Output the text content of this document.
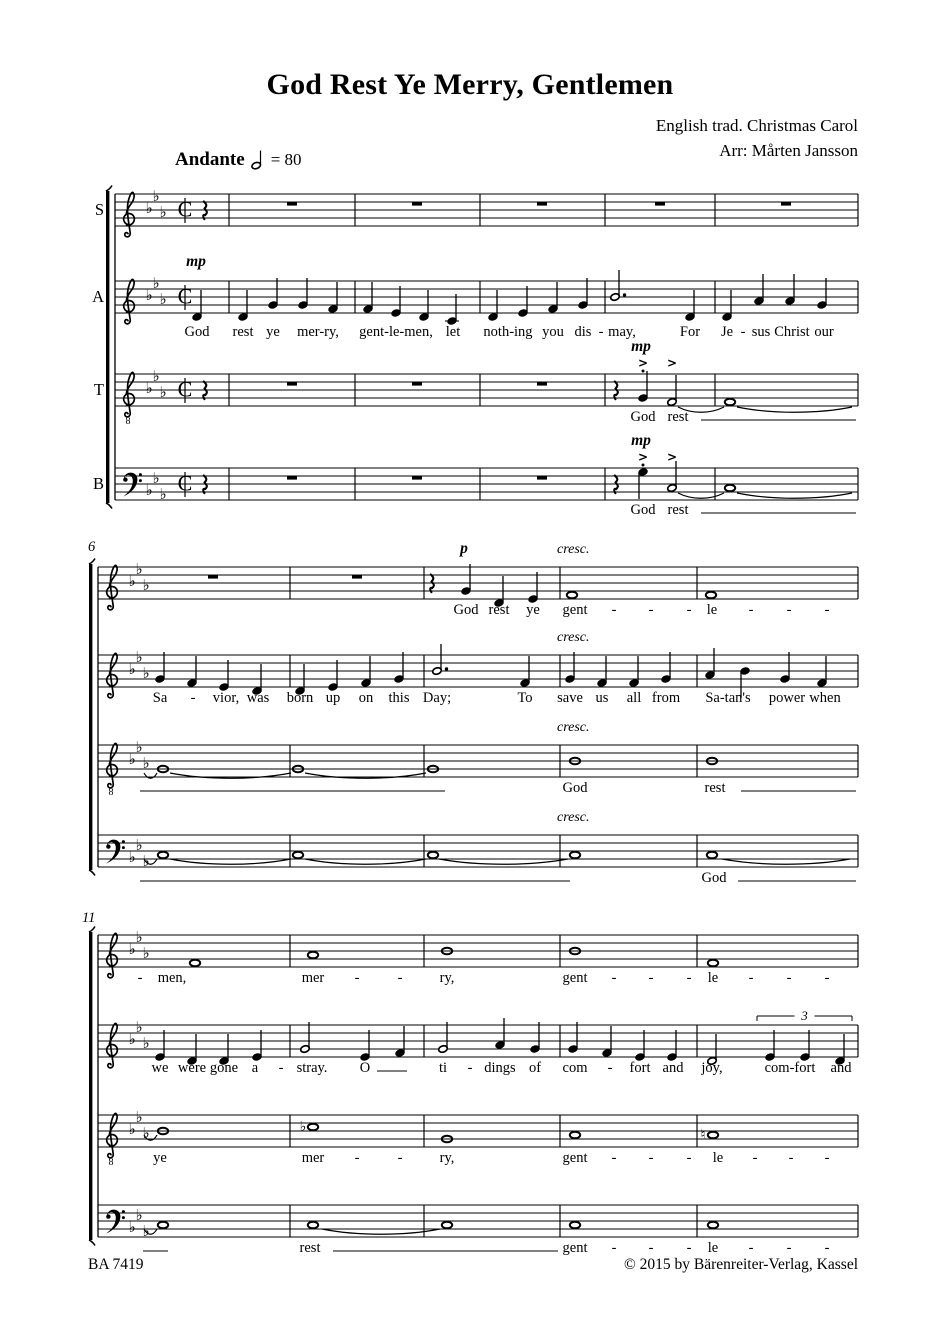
S	♭
♭
♭ C
A	♭
♭
♭ C
God rest ye mer-ry, gent-le-men, let noth-ing you dis - may,	For Je - sus Christ our
mp
T
8
♭
♭
♭ C
> >
God rest
mp
B	♭
♭
♭ C
> >
God rest
mp
6
♭
♭
♭
God rest ye gent - - - le - - -
p	cresc.
♭
♭
♭
Sa - vior, was born up on this Day;	To save us all from Sa-tan's power when
cresc.
8
♭
♭
♭
God	rest
cresc.
♭
♭
♭
God
cresc.
11
♭
♭
♭
- men,	mer -	-	ry,	gent - - - le - - -
♭
♭
♭
we were gone a - stray. O	ti - dings of com - fort and joy,	com-fort and
3
8
♭
♭
♭	♭	♮
ye	mer -	-	ry,	gent - - - le - - -
♭
♭
♭
rest	gent - - - le - - -
God Rest Ye Merry, Gentlemen
English trad. Christmas Carol
Arr: Mårten Jansson
Andante = 80
BA 7419	© 2015 by Bärenreiter-Verlag, Kassel
